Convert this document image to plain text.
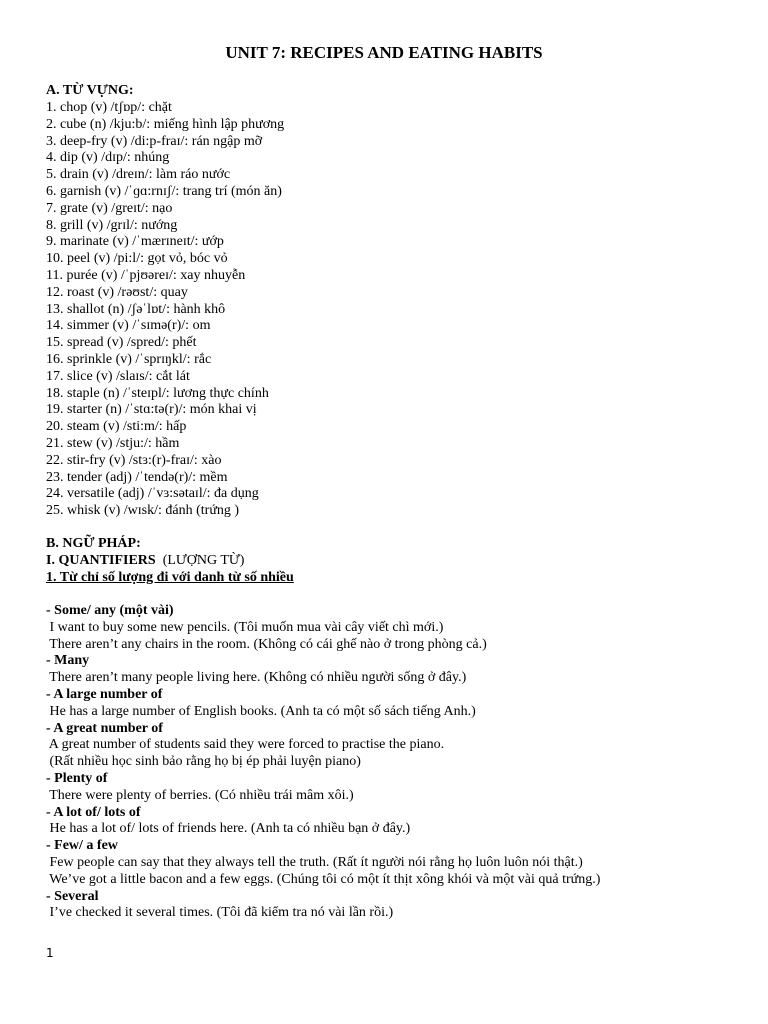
UNIT 7: RECIPES AND EATING HABITS
A. TỪ VỰNG:
1. chop (v) /tʃɒp/: chặt
2. cube (n) /kju:b/: miếng hình lập phương
3. deep-fry (v) /di:p-fraɪ/: rán ngập mỡ
4. dip (v) /dɪp/: nhúng
5. drain (v) /dreɪn/: làm ráo nước
6. garnish (v) /ˈɡɑ:rnɪʃ/: trang trí (món ăn)
7. grate (v) /greɪt/: nạo
8. grill (v) /grɪl/: nướng
9. marinate (v) /ˈmærɪneɪt/: ướp
10. peel (v) /pi:l/: gọt vỏ, bóc vỏ
11. purée (v) /ˈpjʊəreɪ/: xay nhuyễn
12. roast (v) /rəʊst/: quay
13. shallot (n) /ʃəˈlɒt/: hành khô
14. simmer (v) /ˈsɪmə(r)/: om
15. spread (v) /spred/: phết
16. sprinkle (v) /ˈsprɪŋkl/: rắc
17. slice (v) /slaɪs/: cắt lát
18. staple (n) /ˈsteɪpl/: lương thực chính
19. starter (n) /ˈstɑ:tə(r)/: món khai vị
20. steam (v) /sti:m/: hấp
21. stew (v) /stju:/: hầm
22. stir-fry (v) /stɜ:(r)-fraɪ/: xào
23. tender (adj) /ˈtendə(r)/: mềm
24. versatile (adj) /ˈvɜ:sətaɪl/: đa dụng
25. whisk (v) /wɪsk/: đánh (trứng )
B. NGỮ PHÁP:
I. QUANTIFIERS (LƯỢNG TỪ)
1. Từ chỉ số lượng đi với danh từ số nhiều
- Some/ any (một vài)
I want to buy some new pencils. (Tôi muốn mua vài cây viết chì mới.)
There aren’t any chairs in the room. (Không có cái ghế nào ở trong phòng cả.)
- Many
There aren’t many people living here. (Không có nhiều người sống ở đây.)
- A large number of
He has a large number of English books. (Anh ta có một số sách tiếng Anh.)
- A great number of
A great number of students said they were forced to practise the piano.
(Rất nhiều học sinh bảo rằng họ bị ép phải luyện piano)
- Plenty of
There were plenty of berries. (Có nhiều trái mâm xôi.)
- A lot of/ lots of
He has a lot of/ lots of friends here. (Anh ta có nhiều bạn ở đây.)
- Few/ a few
Few people can say that they always tell the truth. (Rất ít người nói rằng họ luôn luôn nói thật.)
We’ve got a little bacon and a few eggs. (Chúng tôi có một ít thịt xông khói và một vài quả trứng.)
- Several
I’ve checked it several times. (Tôi đã kiểm tra nó vài lần rồi.)
1
